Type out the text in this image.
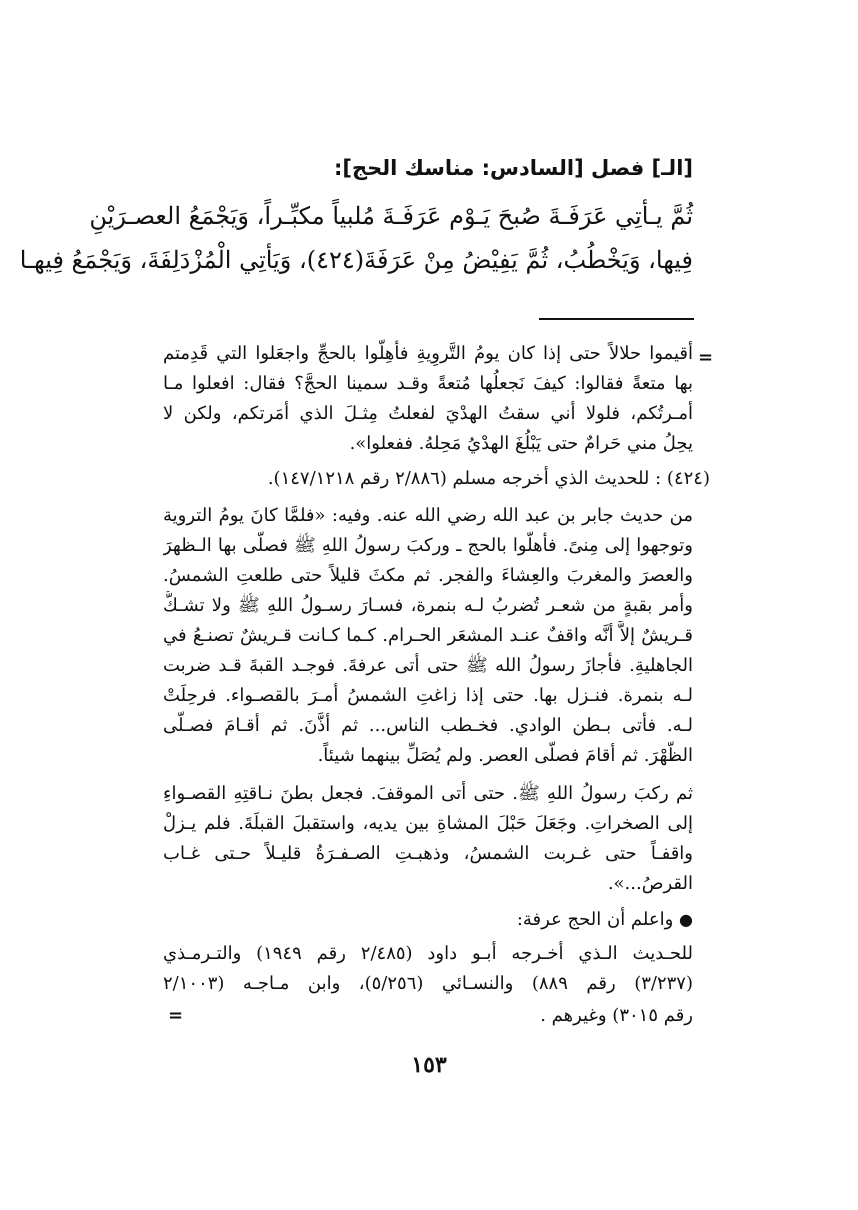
[الـ] فصل [السادس: مناسك الحج]:
ثُمَّ يـأتِي عَرَفَـةَ صُبحَ يَـوْم عَرَفَـةَ مُلبياً مكبِّـراً، وَيَجْمَعُ العصـرَيْنِ
فِيها، وَيَخْطُبُ، ثُمَّ يَفِيْضُ مِنْ عَرَفَةَ(٤٢٤)، وَيَأتِي الْمُزْدَلِفَةَ، وَيَجْمَعُ فِيهـا
=
أقيموا حلالاً حتى إذا كان يومُ التَّروِيةِ فأهِلُّوا بالحجِّ واجعَلوا التي قَدِمتم
بها متعةً فقالوا: كيفَ نَجعلُها مُتعةً وقـد سمينا الحجَّ؟ فقال: افعلوا مـا
أمـرتُكم، فلولا أني سقتُ الهدْيَ لفعلتُ مِثـلَ الذي أمَرتكم، ولكن لا
يحِلُ مني حَرامٌ حتى يَبْلُغَ الهدْيُ مَحِلهُ. ففعلوا».
(٤٢٤) : للحديث الذي أخرجه مسلم (٢/٨٨٦ رقم ١٤٧/١٢١٨).
من حديث جابر بن عبد الله رضي الله عنه. وفيه: «فلمَّا كانَ يومُ التروية
وتوجهوا إلى مِنىً. فأهلُّوا بالحج ـ وركبَ رسولُ اللهِ ﷺ فصلَّى بها الـظهرَ
والعصرَ والمغربَ والعِشاءَ والفجر. ثم مكثَ قليلاً حتى طلعتِ الشمسُ.
وأمر بقبةٍ من شعـر تُضربُ لـه بنمرة، فسـارَ رسـولُ اللهِ ﷺ ولا تشـكُّ
قـريشٌ إلاَّ أنَّه واقفٌ عنـد المشعَر الحـرام. كـما كـانت قـريشٌ تصنـعُ في
الجاهليةِ. فأجازَ رسولُ الله ﷺ حتى أتى عرفةَ. فوجـد القبةَ قـد ضربت
لـه بنمرة. فنـزل بها. حتى إذا زاغتِ الشمسُ أمـرَ بالقصـواء. فرحِلَتْ
لـه. فأتى بـطن الوادي. فخـطب الناس... ثم أذَّنَ. ثم أقـامَ فصـلَّى
الظُّهْرَ. ثم أقامَ فصلَّى العصر. ولم يُصَلِّ بينهما شيئاً.
ثم ركبَ رسولُ اللهِ ﷺ. حتى أتى الموقفَ. فجعل بطنَ نـاقتِهِ القصـواءِ
إلى الصخراتِ. وجَعَلَ حَبْلَ المشاةِ بين يديه، واستقبلَ القبلَةَ. فلم يـزلْ
واقفـاً حتى غـربت الشمسُ، وذهبـتِ الصـفـرَةُ قليـلاً حـتى غـاب
القرصُ...».
● واعلم أن الحج عرفة:
للحـديث الـذي أخـرجه أبـو داود (٢/٤٨٥ رقم ١٩٤٩) والتـرمـذي
(٣/٢٣٧) رقم ٨٨٩) والنسـائي (٥/٢٥٦)، وابن مـاجـه (٢/١٠٠٣
رقم ٣٠١٥) وغيرهم .
=
١٥٣
